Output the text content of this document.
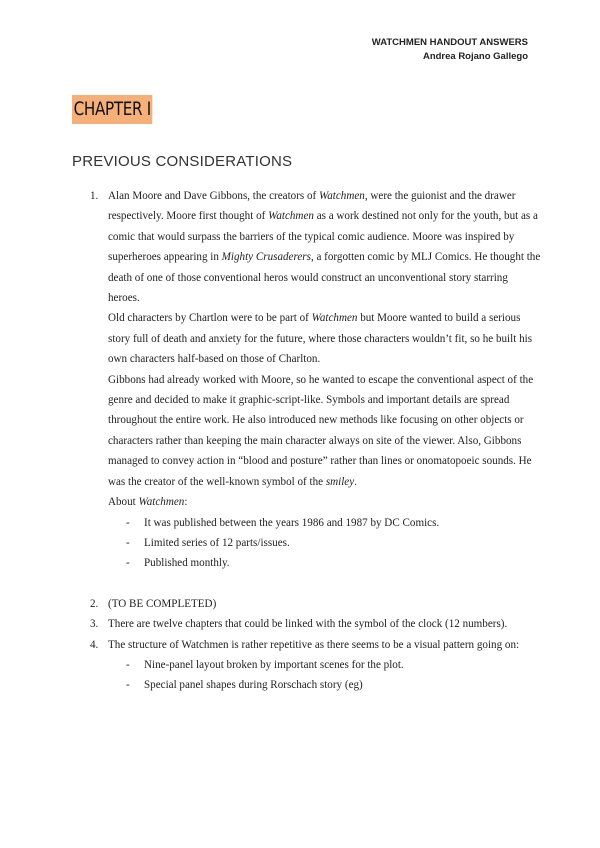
WATCHMEN HANDOUT ANSWERS
Andrea Rojano Gallego
CHAPTER I
PREVIOUS CONSIDERATIONS
1. Alan Moore and Dave Gibbons, the creators of Watchmen, were the guionist and the drawer respectively. Moore first thought of Watchmen as a work destined not only for the youth, but as a comic that would surpass the barriers of the typical comic audience. Moore was inspired by superheroes appearing in Mighty Crusaderers, a forgotten comic by MLJ Comics. He thought the death of one of those conventional heros would construct an unconventional story starring heroes.

Old characters by Chartlon were to be part of Watchmen but Moore wanted to build a serious story full of death and anxiety for the future, where those characters wouldn’t fit, so he built his own characters half-based on those of Charlton.

Gibbons had already worked with Moore, so he wanted to escape the conventional aspect of the genre and decided to make it graphic-script-like. Symbols and important details are spread throughout the entire work. He also introduced new methods like focusing on other objects or characters rather than keeping the main character always on site of the viewer. Also, Gibbons managed to convey action in “blood and posture” rather than lines or onomatopoeic sounds. He was the creator of the well-known symbol of the smiley.

About Watchmen:

- It was published between the years 1986 and 1987 by DC Comics.
- Limited series of 12 parts/issues.
- Published monthly.
2. (TO BE COMPLETED)

3. There are twelve chapters that could be linked with the symbol of the clock (12 numbers).

4. The structure of Watchmen is rather repetitive as there seems to be a visual pattern going on:

- Nine-panel layout broken by important scenes for the plot.
- Special panel shapes during Rorschach story (eg)
